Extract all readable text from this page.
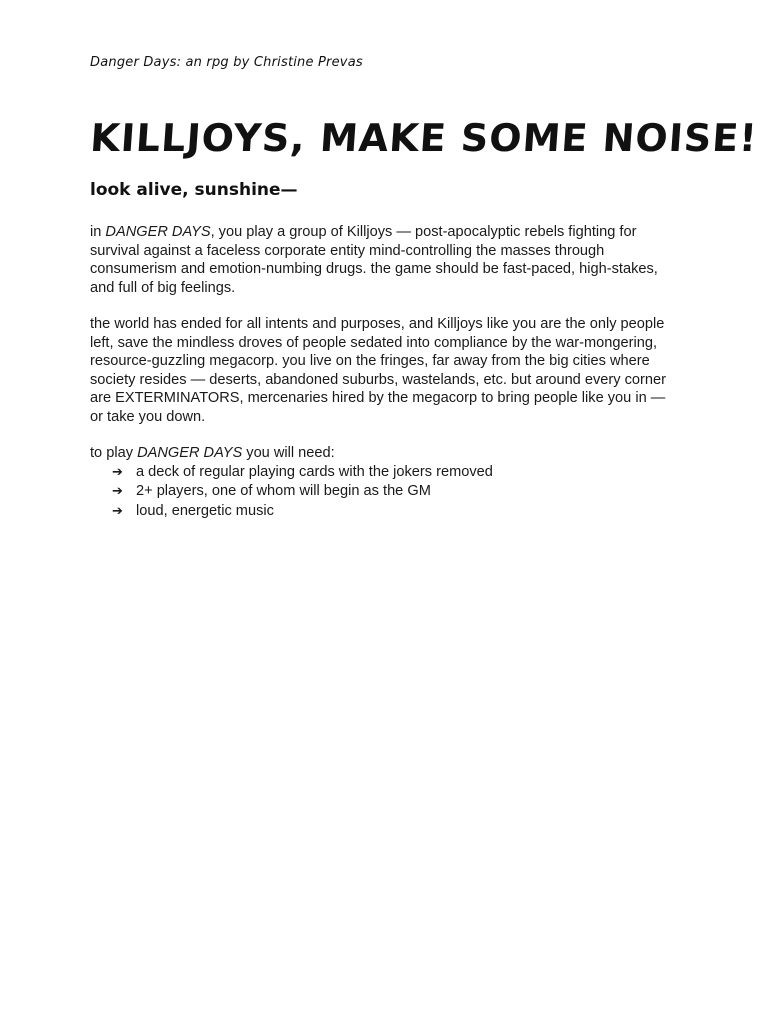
Danger Days: an rpg by Christine Prevas
KILLJOYS, MAKE SOME NOISE!
look alive, sunshine—

in DANGER DAYS, you play a group of Killjoys — post-apocalyptic rebels fighting for survival against a faceless corporate entity mind-controlling the masses through consumerism and emotion-numbing drugs. the game should be fast-paced, high-stakes, and full of big feelings.

the world has ended for all intents and purposes, and Killjoys like you are the only people left, save the mindless droves of people sedated into compliance by the war-mongering, resource-guzzling megacorp. you live on the fringes, far away from the big cities where society resides — deserts, abandoned suburbs, wastelands, etc. but around every corner are EXTERMINATORS, mercenaries hired by the megacorp to bring people like you in — or take you down.

to play DANGER DAYS you will need:
➔ a deck of regular playing cards with the jokers removed
➔ 2+ players, one of whom will begin as the GM
➔ loud, energetic music
